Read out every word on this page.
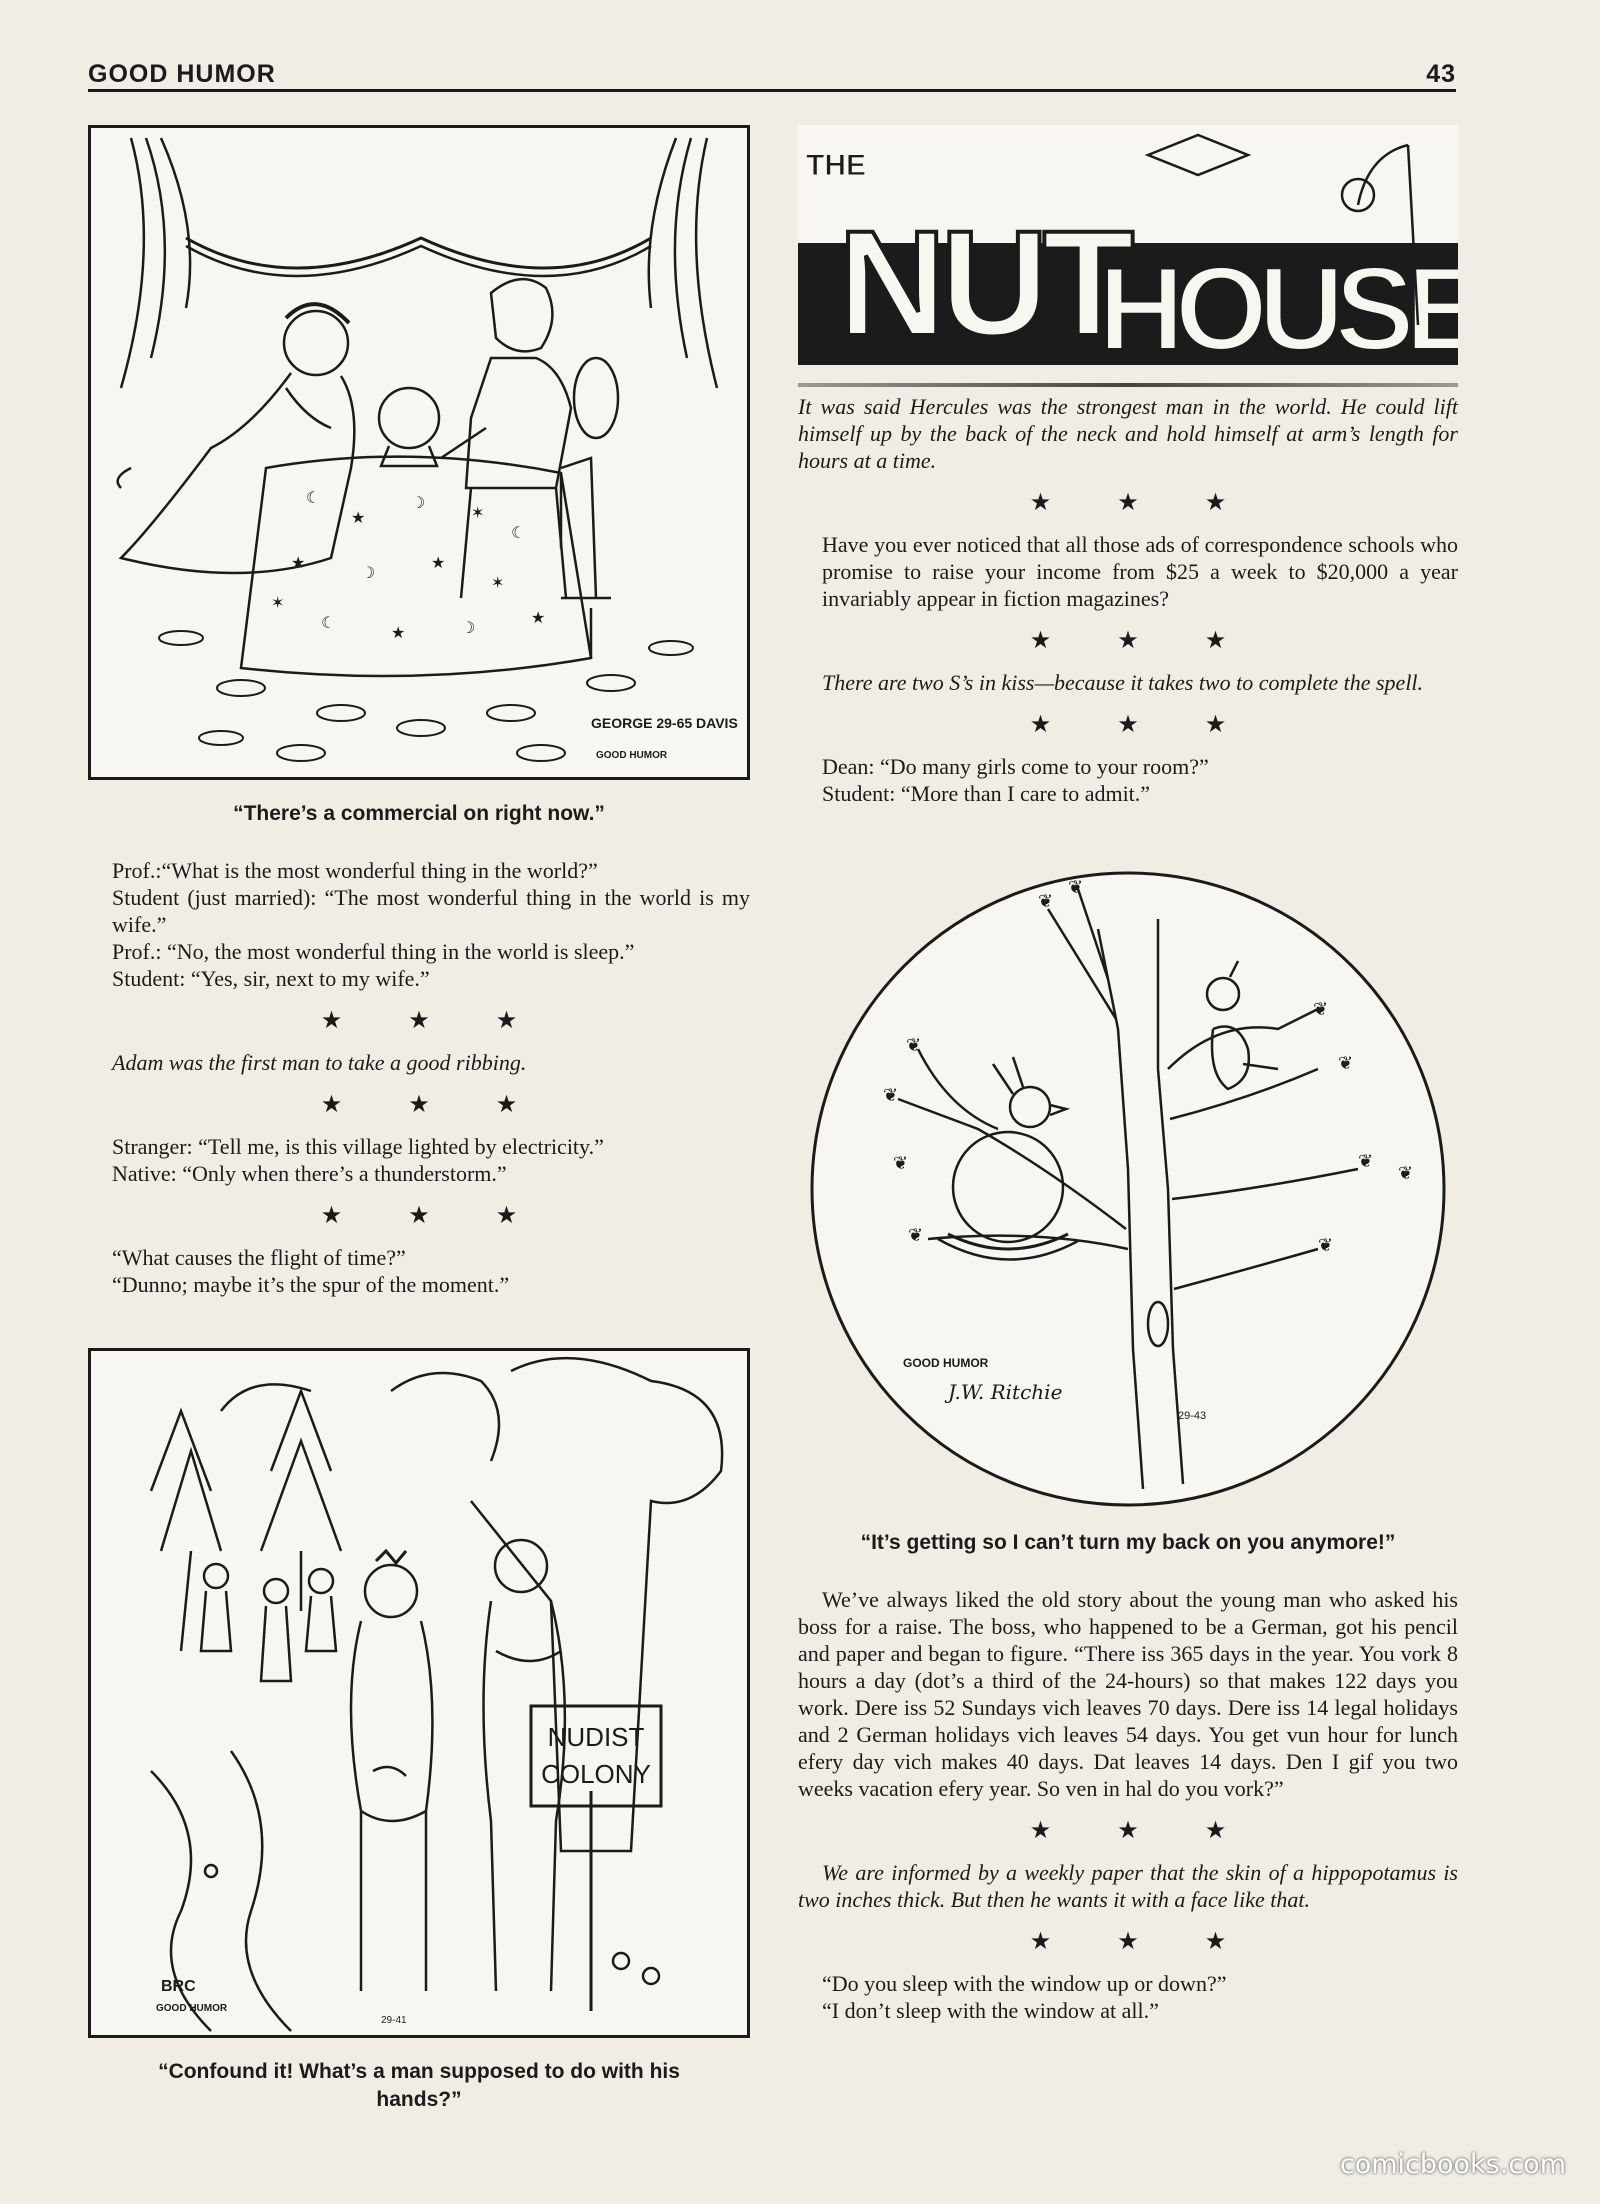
GOOD HUMOR	43
☾
★
☽
✶
☾
★
☽
★
✶
☾
★	☽
★
✶
GEORGE 29-65 DAVIS
GOOD HUMOR
“There’s a commercial on right now.”

Prof.:“What is the most wonderful thing in the world?”

Student (just married): “The most wonderful thing in the world is my wife.”

Prof.: “No, the most wonderful thing in the world is sleep.”

Student: “Yes, sir, next to my wife.”

★ ★ ★
Adam was the first man to take a good ribbing.
★ ★ ★

Stranger: “Tell me, is this village lighted by electricity.”

Native: “Only when there’s a thunderstorm.”

★ ★ ★

“What causes the flight of time?”

“Dunno; maybe it’s the spur of the moment.”

NUDIST
COLONY
BRC
GOOD HUMOR
29-41
“Confound it! What’s a man supposed to do with his hands?”
THE
NUT
HOUSE
It was said Hercules was the strongest man in the world. He could lift himself up by the back of the neck and hold himself at arm’s length for hours at a time.
★ ★ ★
Have you ever noticed that all those ads of correspondence schools who promise to raise your income from $25 a week to $20,000 a year invariably appear in fiction magazines?
★ ★ ★
There are two S’s in kiss—because it takes two to complete the spell.
★ ★ ★

Dean: “Do many girls come to your room?”

Student: “More than I care to admit.”

❦
❦
❦
❦
❦
❦
❦
❦
❦
❦
❦
GOOD HUMOR
J.W. Ritchie
29-43
“It’s getting so I can’t turn my back on you anymore!”
We’ve always liked the old story about the young man who asked his boss for a raise. The boss, who happened to be a German, got his pencil and paper and began to figure. “There iss 365 days in the year. You vork 8 hours a day (dot’s a third of the 24-hours) so that makes 122 days you work. Dere iss 52 Sundays vich leaves 70 days. Dere iss 14 legal holidays and 2 German holidays vich leaves 54 days. You get vun hour for lunch efery day vich makes 40 days. Dat leaves 14 days. Den I gif you two weeks vacation efery year. So ven in hal do you vork?”
★ ★ ★
We are informed by a weekly paper that the skin of a hippopotamus is two inches thick. But then he wants it with a face like that.
★ ★ ★

“Do you sleep with the window up or down?”

“I don’t sleep with the window at all.”

comicbooks.com
